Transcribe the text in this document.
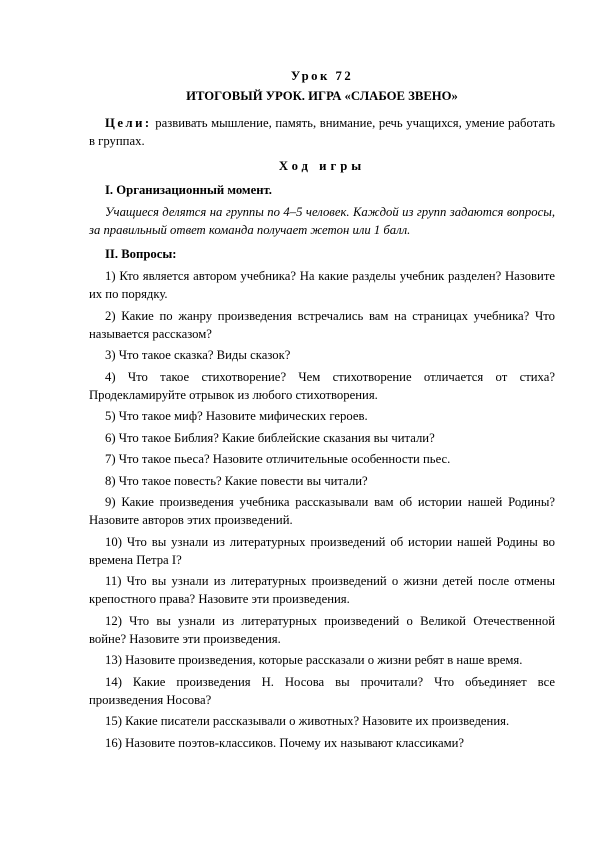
Урок 72
ИТОГОВЫЙ УРОК. ИГРА «СЛАБОЕ ЗВЕНО»
Цели: развивать мышление, память, внимание, речь учащихся, умение работать в группах.
Ход игры
I. Организационный момент.
Учащиеся делятся на группы по 4–5 человек. Каждой из групп задаются вопросы, за правильный ответ команда получает жетон или 1 балл.
II. Вопросы:
1) Кто является автором учебника? На какие разделы учебник разделен? Назовите их по порядку.
2) Какие по жанру произведения встречались вам на страницах учебника? Что называется рассказом?
3) Что такое сказка? Виды сказок?
4) Что такое стихотворение? Чем стихотворение отличается от стиха? Продекламируйте отрывок из любого стихотворения.
5) Что такое миф? Назовите мифических героев.
6) Что такое Библия? Какие библейские сказания вы читали?
7) Что такое пьеса? Назовите отличительные особенности пьес.
8) Что такое повесть? Какие повести вы читали?
9) Какие произведения учебника рассказывали вам об истории нашей Родины? Назовите авторов этих произведений.
10) Что вы узнали из литературных произведений об истории нашей Родины во времена Петра I?
11) Что вы узнали из литературных произведений о жизни детей после отмены крепостного права? Назовите эти произведения.
12) Что вы узнали из литературных произведений о Великой Отечественной войне? Назовите эти произведения.
13) Назовите произведения, которые рассказали о жизни ребят в наше время.
14) Какие произведения Н. Носова вы прочитали? Что объединяет все произведения Носова?
15) Какие писатели рассказывали о животных? Назовите их произведения.
16) Назовите поэтов-классиков. Почему их называют классиками?
